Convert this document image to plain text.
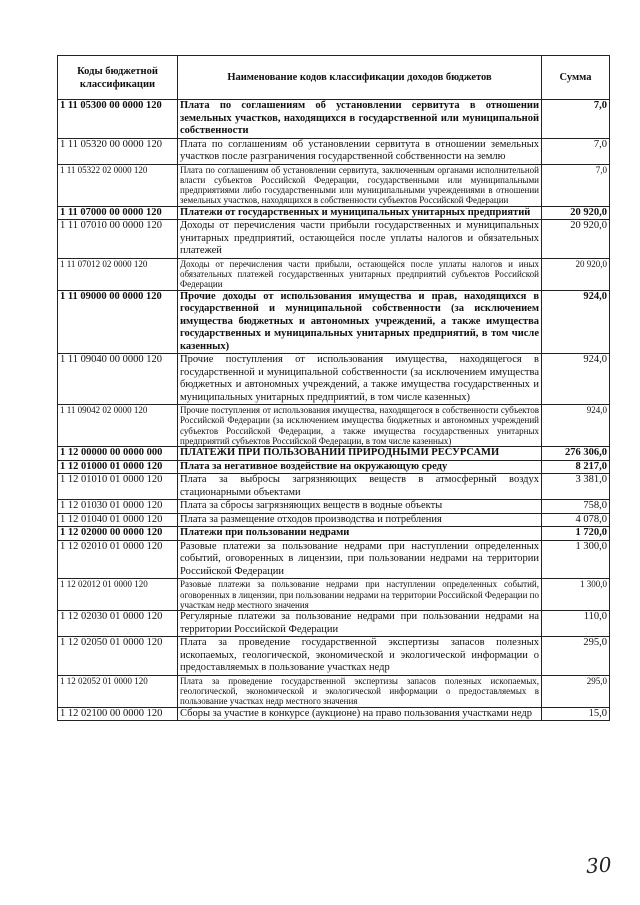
Коды бюджетной классификации	Наименование кодов классификации доходов бюджетов	Сумма
1 11 05300 00 0000 120	Плата по соглашениям об установлении сервитута в отношении земельных участков, находящихся в государственной или муниципальной собственности	7,0
1 11 05320 00 0000 120	Плата по соглашениям об установлении сервитута в отношении земельных участков после разграничения государственной собственности на землю	7,0
1 11 05322 02 0000 120	Плата по соглашениям об установлении сервитута, заключенным органами исполнительной власти субъектов Российской Федерации, государственными или муниципальными предприятиями либо государственными или муниципальными учреждениями в отношении земельных участков, находящихся в собственности субъектов Российской Федерации	7,0
1 11 07000 00 0000 120	Платежи от государственных и муниципальных унитарных предприятий	20 920,0
1 11 07010 00 0000 120	Доходы от перечисления части прибыли государственных и муниципальных унитарных предприятий, остающейся после уплаты налогов и обязательных платежей	20 920,0
1 11 07012 02 0000 120	Доходы от перечисления части прибыли, остающейся после уплаты налогов и иных обязательных платежей государственных унитарных предприятий субъектов Российской Федерации	20 920,0
1 11 09000 00 0000 120	Прочие доходы от использования имущества и прав, находящихся в государственной и муниципальной собственности (за исключением имущества бюджетных и автономных учреждений, а также имущества государственных и муниципальных унитарных предприятий, в том числе казенных)	924,0
1 11 09040 00 0000 120	Прочие поступления от использования имущества, находящегося в государственной и муниципальной собственности (за исключением имущества бюджетных и автономных учреждений, а также имущества государственных и муниципальных унитарных предприятий, в том числе казенных)	924,0
1 11 09042 02 0000 120	Прочие поступления от использования имущества, находящегося в собственности субъектов Российской Федерации (за исключением имущества бюджетных и автономных учреждений субъектов Российской Федерации, а также имущества государственных унитарных предприятий субъектов Российской Федерации, в том числе казенных)	924,0
1 12 00000 00 0000 000	ПЛАТЕЖИ ПРИ ПОЛЬЗОВАНИИ ПРИРОДНЫМИ РЕСУРСАМИ	276 306,0
1 12 01000 01 0000 120	Плата за негативное воздействие на окружающую среду	8 217,0
1 12 01010 01 0000 120	Плата за выбросы загрязняющих веществ в атмосферный воздух стационарными объектами	3 381,0
1 12 01030 01 0000 120	Плата за сбросы загрязняющих веществ в водные объекты	758,0
1 12 01040 01 0000 120	Плата за размещение отходов производства и потребления	4 078,0
1 12 02000 00 0000 120	Платежи при пользовании недрами	1 720,0
1 12 02010 01 0000 120	Разовые платежи за пользование недрами при наступлении определенных событий, оговоренных в лицензии, при пользовании недрами на территории Российской Федерации	1 300,0
1 12 02012 01 0000 120	Разовые платежи за пользование недрами при наступлении определенных событий, оговоренных в лицензии, при пользовании недрами на территории Российской Федерации по участкам недр местного значения	1 300,0
1 12 02030 01 0000 120	Регулярные платежи за пользование недрами при пользовании недрами на территории Российской Федерации	110,0
1 12 02050 01 0000 120	Плата за проведение государственной экспертизы запасов полезных ископаемых, геологической, экономической и экологической информации о предоставляемых в пользование участках недр	295,0
1 12 02052 01 0000 120	Плата за проведение государственной экспертизы запасов полезных ископаемых, геологической, экономической и экологической информации о предоставляемых в пользование участках недр местного значения	295,0
1 12 02100 00 0000 120	Сборы за участие в конкурсе (аукционе) на право пользования участками недр	15,0
30
